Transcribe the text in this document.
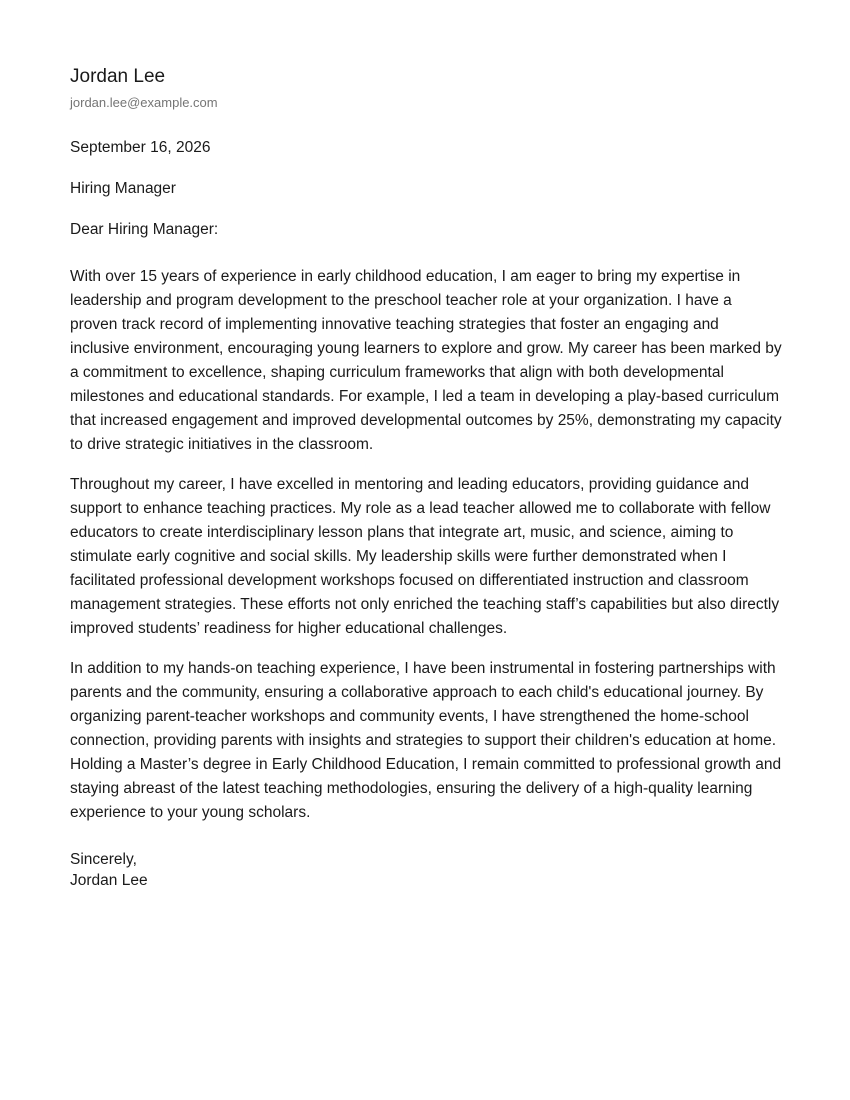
Jordan Lee

jordan.lee@example.com

September 16, 2026

Hiring Manager

Dear Hiring Manager:

With over 15 years of experience in early childhood education, I am eager to bring my expertise in leadership and program development to the preschool teacher role at your organization. I have a proven track record of implementing innovative teaching strategies that foster an engaging and inclusive environment, encouraging young learners to explore and grow. My career has been marked by a commitment to excellence, shaping curriculum frameworks that align with both developmental milestones and educational standards. For example, I led a team in developing a play-based curriculum that increased engagement and improved developmental outcomes by 25%, demonstrating my capacity to drive strategic initiatives in the classroom.

Throughout my career, I have excelled in mentoring and leading educators, providing guidance and support to enhance teaching practices. My role as a lead teacher allowed me to collaborate with fellow educators to create interdisciplinary lesson plans that integrate art, music, and science, aiming to stimulate early cognitive and social skills. My leadership skills were further demonstrated when I facilitated professional development workshops focused on differentiated instruction and classroom management strategies. These efforts not only enriched the teaching staff’s capabilities but also directly improved students’ readiness for higher educational challenges.

In addition to my hands-on teaching experience, I have been instrumental in fostering partnerships with parents and the community, ensuring a collaborative approach to each child's educational journey. By organizing parent-teacher workshops and community events, I have strengthened the home-school connection, providing parents with insights and strategies to support their children's education at home. Holding a Master’s degree in Early Childhood Education, I remain committed to professional growth and staying abreast of the latest teaching methodologies, ensuring the delivery of a high-quality learning experience to your young scholars.

Sincerely,

Jordan Lee
